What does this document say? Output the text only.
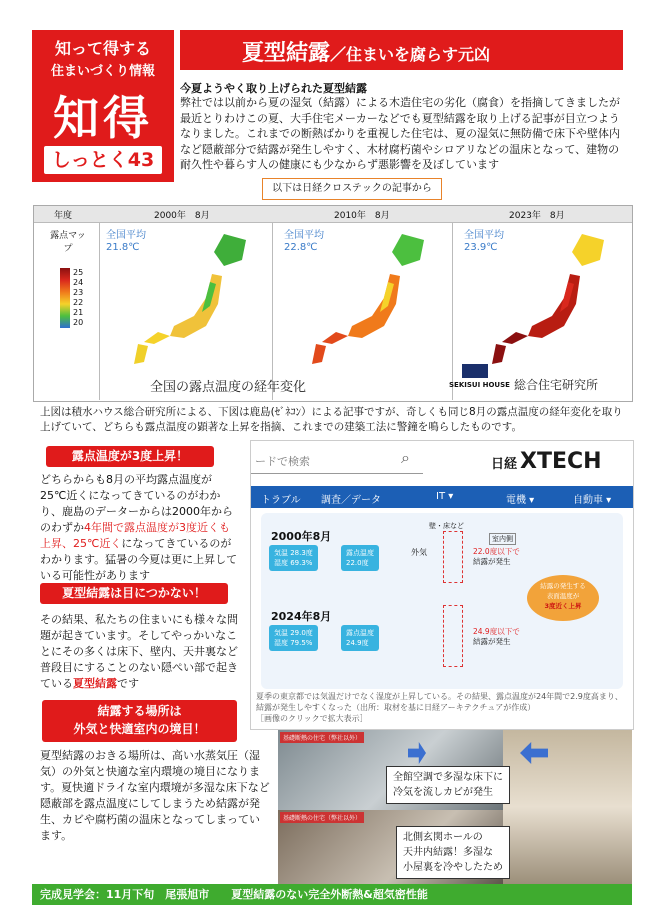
知って得する
住まいづくり情報
知得
しっとく43
夏型結露／住まいを腐らす元凶
今夏ようやく取り上げられた夏型結露
弊社では以前から夏の湿気（結露）による木造住宅の劣化（腐食）を指摘してきましたが最近とりわけこの夏、大手住宅メーカーなどでも夏型結露を取り上げる記事が目立つようなりました。これまでの断熱ばかりを重視した住宅は、夏の湿気に無防備で床下や壁体内など隠蔽部分で結露が発生しやすく、木材腐朽菌やシロアリなどの温床となって、建物の耐久性や暮らす人の健康にも少なからず悪影響を及ぼしています
以下は日経クロステックの記事から
年度	2000年　8月	2010年　8月	2023年　8月
露点マップ
25
24
23
22
21
20
全国平均
21.8℃
全国平均
22.8℃
全国平均
23.9℃
全国の露点温度の経年変化	SEKISUI HOUSE 総合住宅研究所
上図は積水ハウス総合研究所による、下図は鹿島(ｾﾞﾈｺﾝ）による記事ですが、奇しくも同じ8月の露点温度の経年変化を取り上げていて、どちらも露点温度の顕著な上昇を指摘、これまでの建築工法に警鐘を鳴らしたものです。
露点温度が3度上昇！
どちらからも8月の平均露点温度が25℃近くになってきているのがわかり、鹿島のデーターからは2000年からのわずか4年間で露点温度が3度近くも上昇、25℃近くになってきているのがわかります。猛暑の今夏は更に上昇している可能性があります
夏型結露は目につかない！
その結果、私たちの住まいにも様々な問題が起きています。そしてやっかいなことにその多くは床下、壁内、天井裏など普段目にすることのない隠ぺい部で起きている夏型結露です
結露する場所は
外気と快適室内の境目！
夏型結露のおきる場所は、高い水蒸気圧（湿気）の外気と快適な室内環境の境目になります。夏快適ドライな室内環境が多湿な床下など隠蔽部を露点温度にしてしまうため結露が発生、カビや腐朽菌の温床となってしまっています。
ードで検索	⌕	日経 XTECH
トラブル 調査／データ	IT ▾	電機 ▾	自動車 ▾
2000年8月
気温 28.3度
湿度 69.3%
露点温度
22.0度
外気
壁・床など
室内側
22.0度以下で
結露が発生
2024年8月
気温 29.0度
湿度 79.5%
露点温度
24.9度
24.9度以下で
結露が発生
結露の発生する
表面温度が
3度近く上昇
夏季の東京都では気温だけでなく湿度が上昇している。その結果、露点温度が24年間で2.9度高まり、結露が発生しやすくなった（出所：取材を基に日経アーキテクチュアが作成）
［画像のクリックで拡大表示］
基礎断熱の住宅（弊社以外）
基礎断熱の住宅（弊社以外）
全館空調で多湿な床下に
冷気を流しカビが発生
北側玄関ホールの
天井内結露！多湿な
小屋裏を冷やしたため
完成見学会：11月下旬　尾張旭市　　夏型結露のない完全外断熱&超気密性能
